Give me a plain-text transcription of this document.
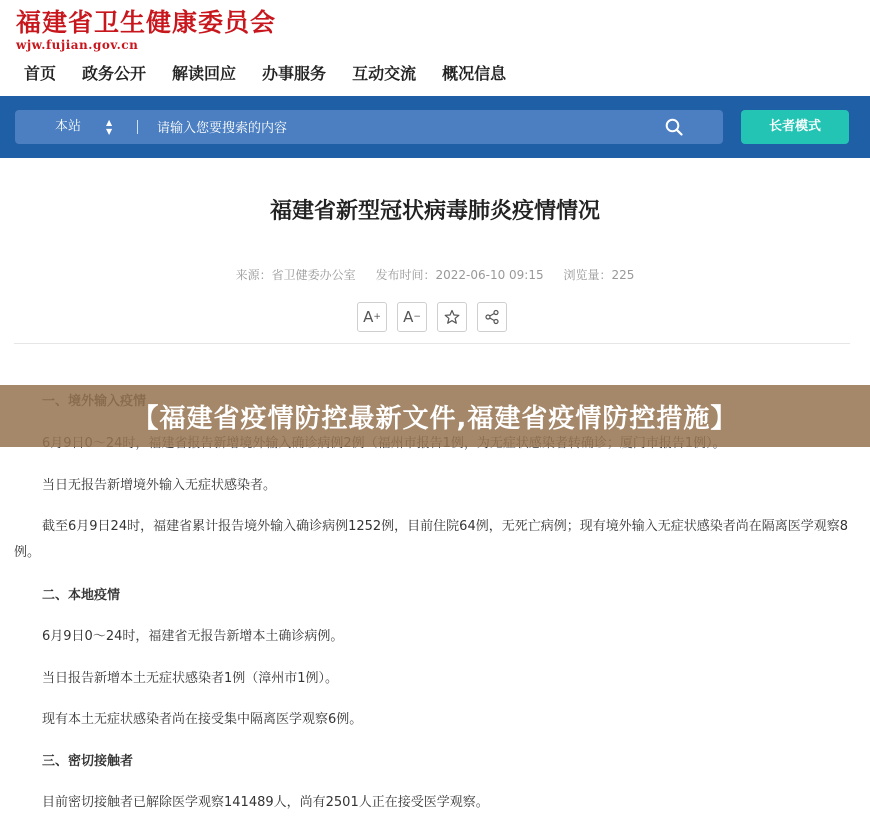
福建省卫生健康委员会
wjw.fujian.gov.cn
首页 政务公开 解读回应 办事服务 互动交流 概况信息
本站	▲
▼
请输入您要搜索的内容	长者模式
福建省新型冠状病毒肺炎疫情情况
来源：省卫健委办公室 发布时间：2022-06-10 09:15 浏览量：225
A + A −

当日无报告新增境外输入无症状感染者。

截至6月9日24时，福建省累计报告境外输入确诊病例1252例，目前住院64例，无死亡病例；现有境外输入无症状感染者尚在隔离医学观察8例。

二、本地疫情

6月9日0～24时，福建省无报告新增本土确诊病例。

当日报告新增本土无症状感染者1例（漳州市1例）。

现有本土无症状感染者尚在接受集中隔离医学观察6例。

三、密切接触者

目前密切接触者已解除医学观察141489人，尚有2501人正在接受医学观察。

【福建省疫情防控最新文件,福建省疫情防控措施】
